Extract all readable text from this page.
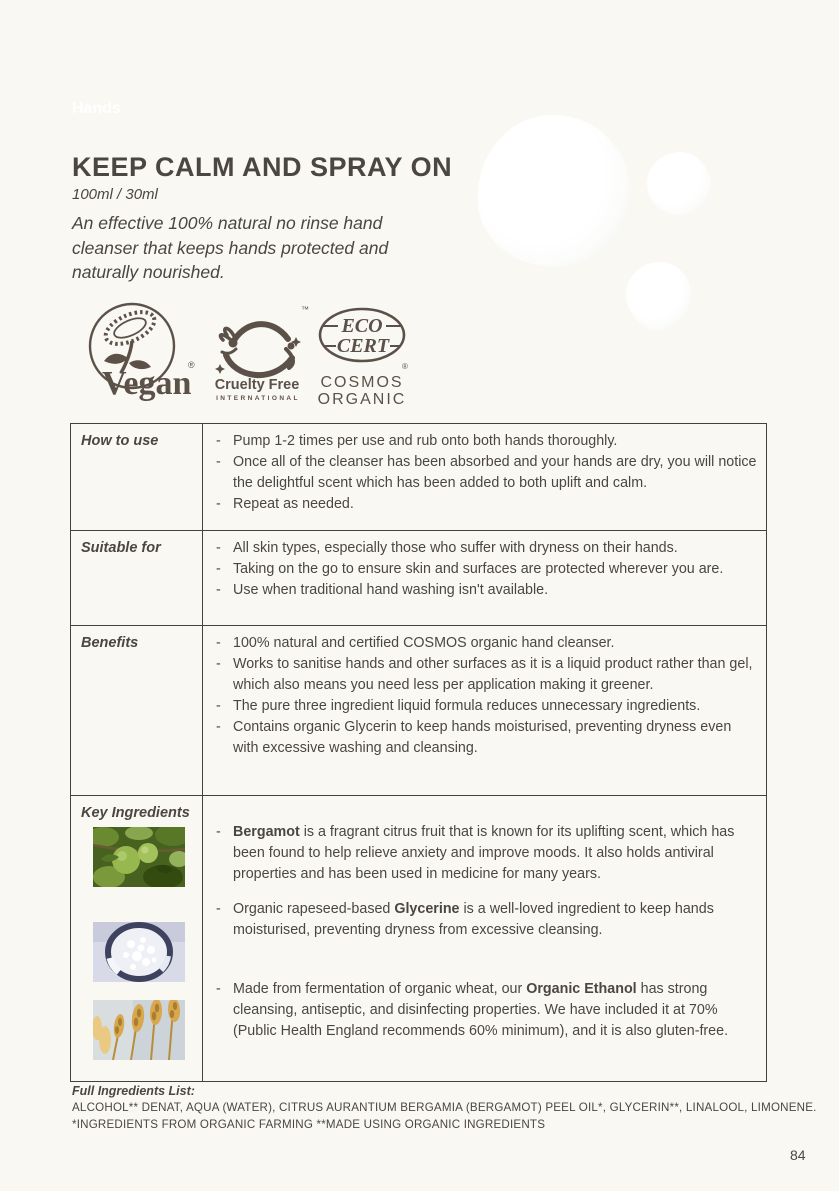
Hands
KEEP CALM AND SPRAY ON
100ml / 30ml

An effective 100% natural no rinse hand cleanser that keeps hands protected and naturally nourished.

Vegan
®
™
Cruelty Free
INTERNATIONAL
ECO
CERT
®
COSMOS
ORGANIC
How to use	- Pump 1-2 times per use and rub onto both hands thoroughly.
- Once all of the cleanser has been absorbed and your hands are dry, you will notice the delightful scent which has been added to both uplift and calm.
- Repeat as needed.
Suitable for	- All skin types, especially those who suffer with dryness on their hands.
- Taking on the go to ensure skin and surfaces are protected wherever you are.
- Use when traditional hand washing isn't available.
Benefits	- 100% natural and certified COSMOS organic hand cleanser.
- Works to sanitise hands and other surfaces as it is a liquid product rather than gel, which also means you need less per application making it greener.
- The pure three ingredient liquid formula reduces unnecessary ingredients.
- Contains organic Glycerin to keep hands moisturised, preventing dryness even with excessive washing and cleansing.
Key Ingredients
- Bergamot is a fragrant citrus fruit that is known for its uplifting scent, which has been found to help relieve anxiety and improve moods. It also holds antiviral properties and has been used in medicine for many years.
- Organic rapeseed-based Glycerine is a well-loved ingredient to keep hands moisturised, preventing dryness from excessive cleansing.
- Made from fermentation of organic wheat, our Organic Ethanol has strong cleansing, antiseptic, and disinfecting properties. We have included it at 70% (Public Health England recommends 60% minimum), and it is also gluten-free.
Full Ingredients List:
ALCOHOL** DENAT, AQUA (WATER), CITRUS AURANTIUM BERGAMIA (BERGAMOT) PEEL OIL*, GLYCERIN**, LINALOOL, LIMONENE.
*INGREDIENTS FROM ORGANIC FARMING **MADE USING ORGANIC INGREDIENTS
84
